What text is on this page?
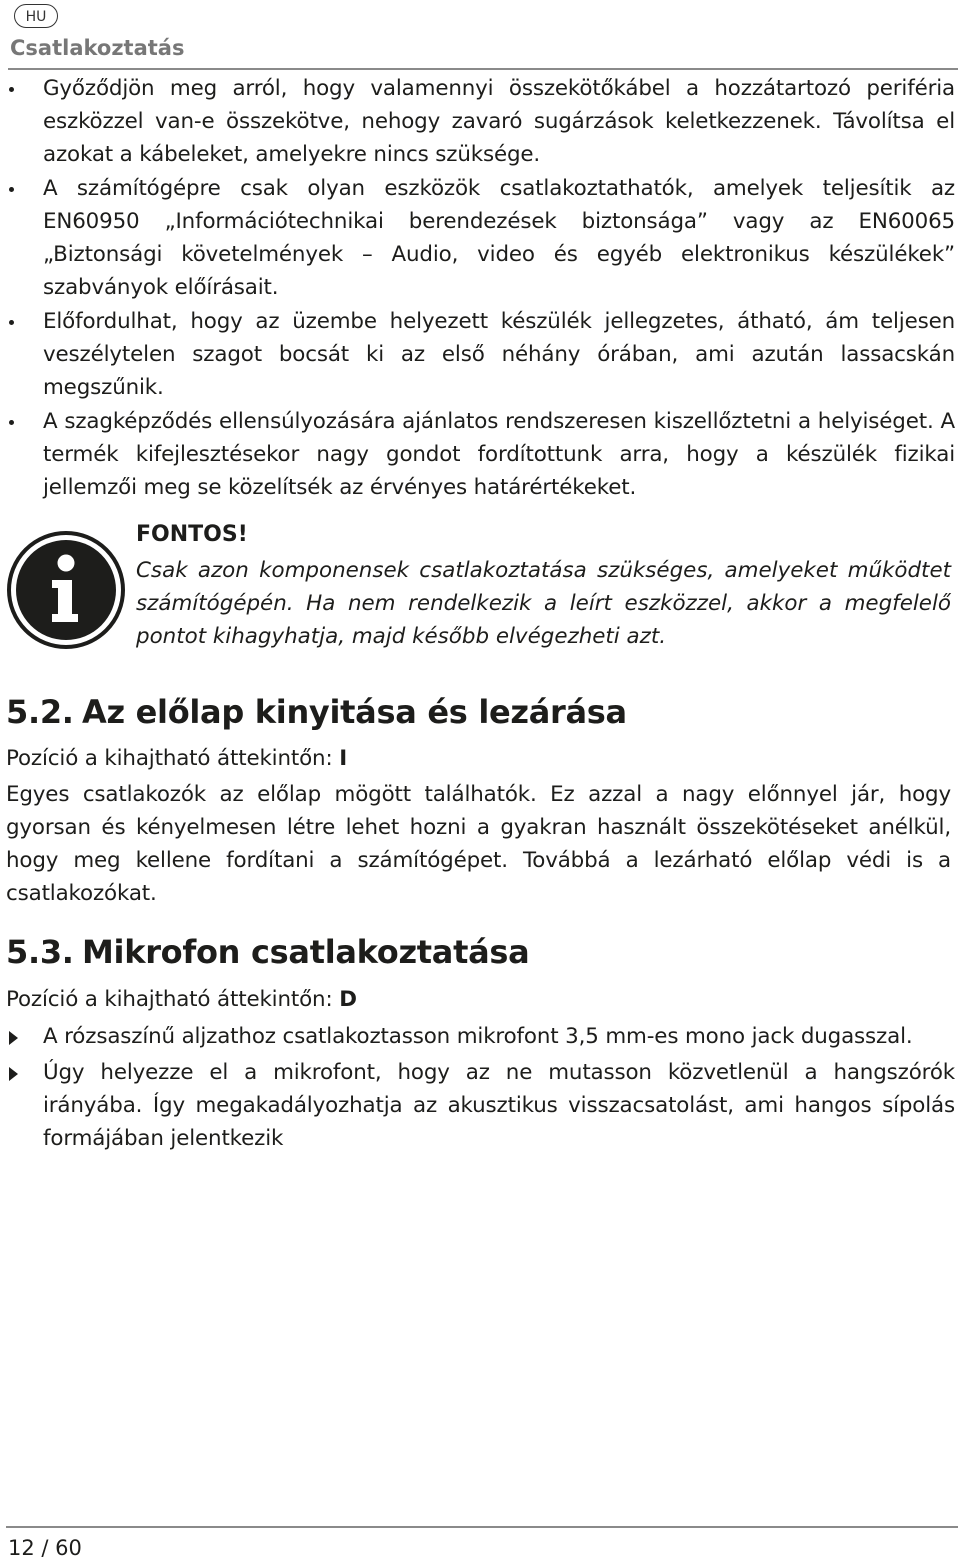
HU
Csatlakoztatás
Győződjön meg arról, hogy valamennyi összekötőkábel a hozzátartozó periféria eszközzel van-e összekötve, nehogy zavaró sugárzások keletkezzenek. Távolítsa el azokat a kábeleket, amelyekre nincs szüksége.
A számítógépre csak olyan eszközök csatlakoztathatók, amelyek teljesítik az EN60950 „Információtechnikai berendezések biztonsága” vagy az EN60065 „Biztonsági követelmények – Audio, video és egyéb elektronikus készülékek” szabványok előírásait.
Előfordulhat, hogy az üzembe helyezett készülék jellegzetes, átható, ám teljesen veszélytelen szagot bocsát ki az első néhány órában, ami azután lassacskán megszűnik.
A szagképződés ellensúlyozására ajánlatos rendszeresen kiszellőztetni a helyiséget. A termék kifejlesztésekor nagy gondot fordítottunk arra, hogy a készülék fizikai jellemzői meg se közelítsék az érvényes határértékeket.
FONTOS!

Csak azon komponensek csatlakoztatása szükséges, amelyeket működtet számítógépén. Ha nem rendelkezik a leírt eszközzel, akkor a megfelelő pontot kihagyhatja, majd később elvégezheti azt.

5.2. Az előlap kinyitása és lezárása

Pozíció a kihajtható áttekintőn: I

Egyes csatlakozók az előlap mögött találhatók. Ez azzal a nagy előnnyel jár, hogy gyorsan és kényelmesen létre lehet hozni a gyakran használt összekötéseket anélkül, hogy meg kellene fordítani a számítógépet. Továbbá a lezárható előlap védi is a csatlakozókat.

5.3. Mikrofon csatlakoztatása

Pozíció a kihajtható áttekintőn: D

A rózsaszínű aljzathoz csatlakoztasson mikrofont 3,5 mm-es mono jack dugasszal.
Úgy helyezze el a mikrofont, hogy az ne mutasson közvetlenül a hangszórók irányába. Így megakadályozhatja az akusztikus visszacsatolást, ami hangos sípolás formájában jelentkezik
12 / 60
